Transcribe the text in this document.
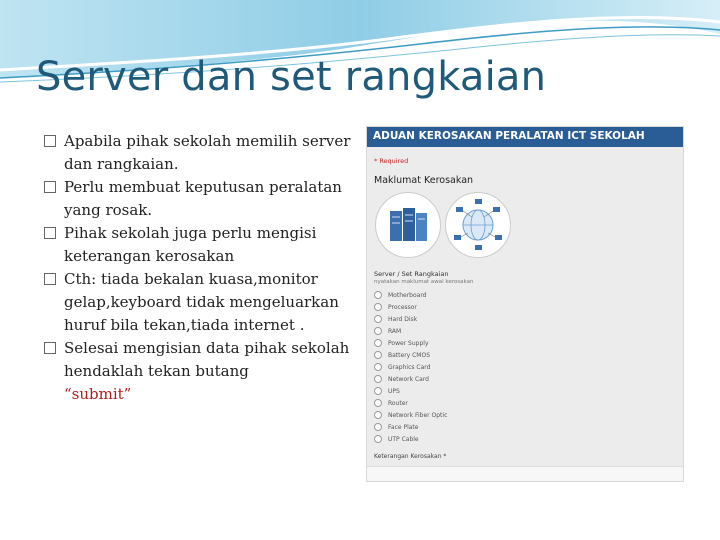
Server dan set rangkaian
Apabila pihak sekolah memilih server dan rangkaian.
Perlu membuat keputusan peralatan yang rosak.
Pihak sekolah juga perlu mengisi keterangan kerosakan
Cth: tiada bekalan kuasa,monitor gelap,keyboard tidak mengeluarkan huruf bila tekan,tiada internet .
Selesai mengisian data pihak sekolah hendaklah tekan butang
“submit”
ADUAN KEROSAKAN PERALATAN ICT SEKOLAH
* Required
Maklumat Kerosakan
Server / Set Rangkaian
nyatakan maklumat awal kerosakan
Motherboard
Processor
Hard Disk
RAM
Power Supply
Battery CMOS
Graphics Card
Network Card
UPS
Router
Network Fiber Optic
Face Plate
UTP Cable
Keterangan Kerosakan *
